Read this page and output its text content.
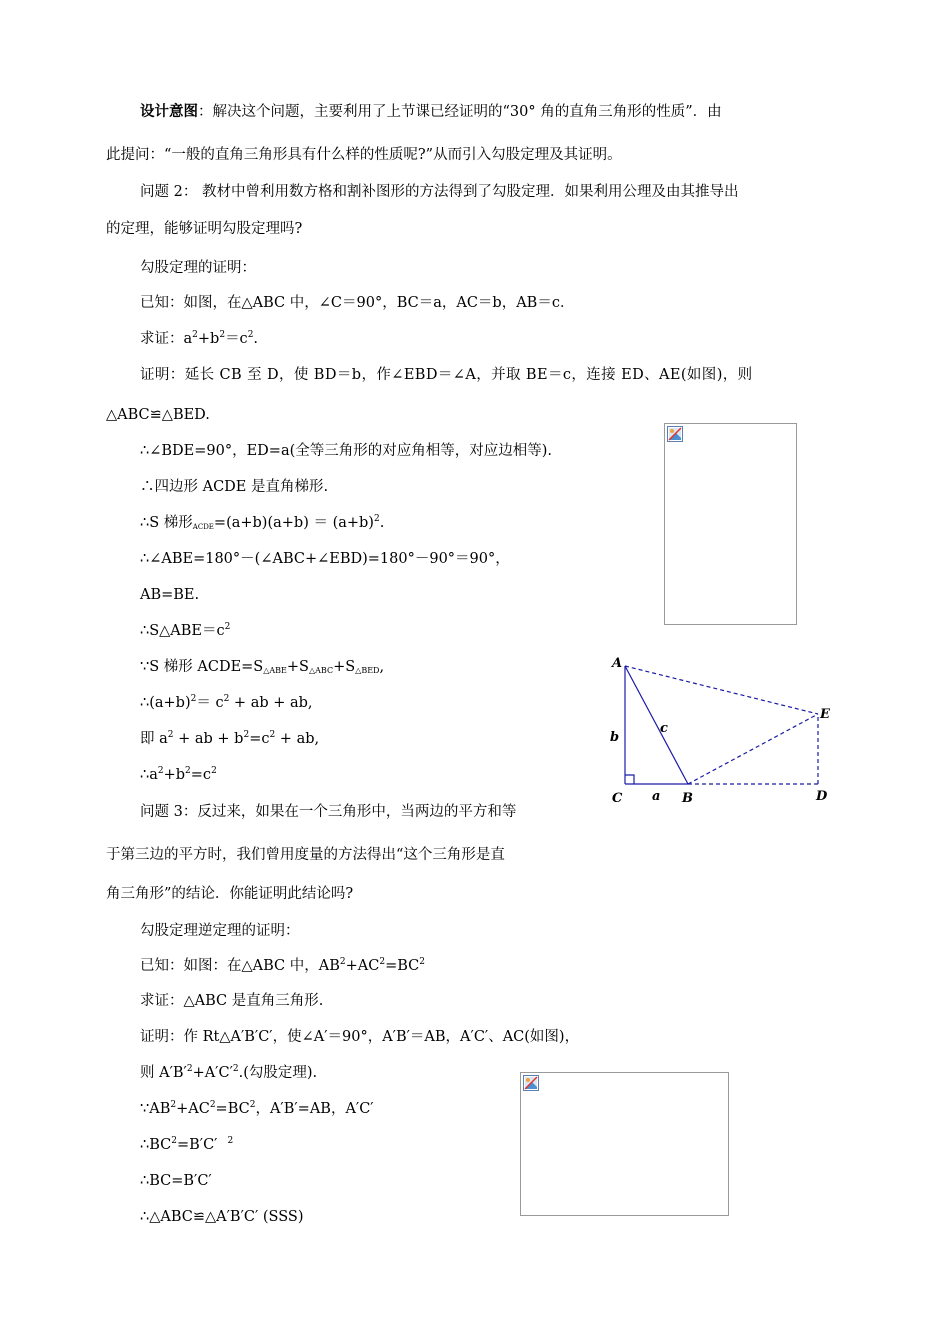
设计意图：解决这个问题，主要利用了上节课已经证明的“30° 角的直角三角形的性质”．由
此提问：“一般的直角三角形具有什么样的性质呢?”从而引入勾股定理及其证明。
问题 2： 教材中曾利用数方格和割补图形的方法得到了勾股定理．如果利用公理及由其推导出
的定理，能够证明勾股定理吗?
勾股定理的证明：
已知：如图，在△ABC 中，∠C＝90°，BC＝a，AC＝b，AB＝c．
求证：$a^2+b^2=c^2$.
证明：延长 CB 至 D，使 BD＝b，作∠EBD＝∠A，并取 BE＝c，连接 ED、AE(如图)，则
△ABC≌△BED.
∴∠BDE=90°，ED=a(全等三角形的对应角相等，对应边相等).
∴四边形 ACDE 是直角梯形.
∴S 梯形$_{ACDE}=(a+b)(a+b) = (a+b)^2$.
∴∠ABE=180°－(∠ABC+∠EBD)=180°－90°＝90°，
AB=BE.
$\therefore S\triangle ABE=c^2$
∵S 梯形 $ACDE=S_{\triangle ABE}+S_{\triangle ABC}+S_{\triangle BED}$,
$\therefore(a+b)^2= c^2$ + ab + ab,
即 $a^2$ + ab + $b^2=c^2$ + ab,
$\therefore a^2+b^2=c^2$
问题 3：反过来，如果在一个三角形中，当两边的平方和等
于第三边的平方时，我们曾用度量的方法得出“这个三角形是直
角三角形”的结论．你能证明此结论吗?
勾股定理逆定理的证明：
已知：如图：在△ABC 中，$AB^2+AC^2=BC^2$
求证：△ABC 是直角三角形.
证明：作 Rt△A′B′C′，使∠A′＝90°，A′B′＝AB，A′C′、AC(如图)，
则 $A'B'^2+A'C'^2$.(勾股定理).
$\because AB^2+AC^2=BC^2$，A′B′=AB，A′C′
$\therefore BC^2=B'C'$ $^2$
∴BC=B′C′
∴△ABC≌△A′B′C′ (SSS)
A
C	B	D
E
a
b
c
